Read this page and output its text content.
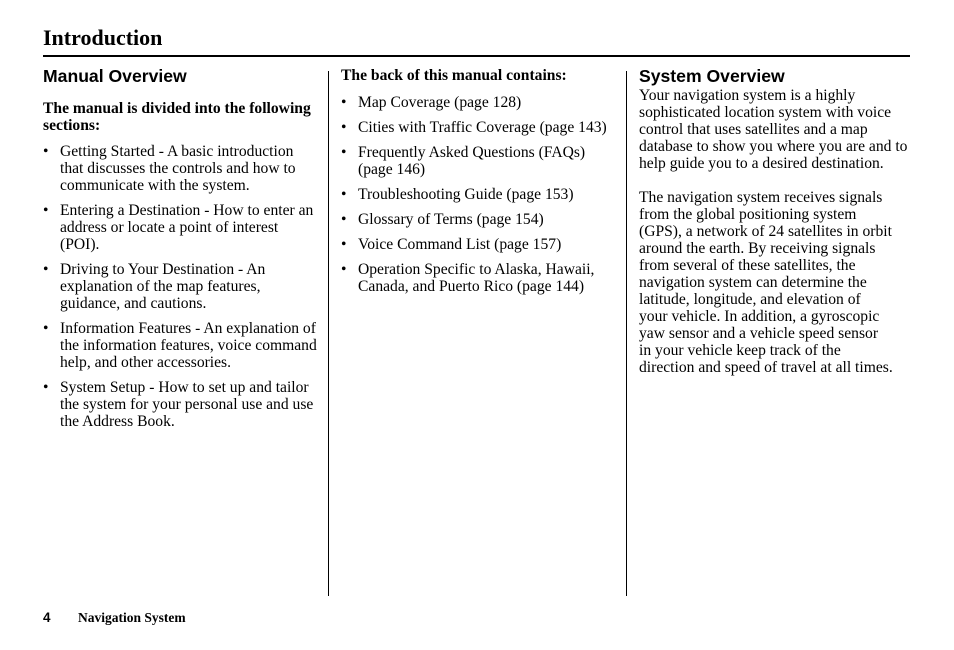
Introduction
Manual Overview
The manual is divided into the following sections:
• Getting Started - A basic introduction that discusses the controls and how to communicate with the system.
• Entering a Destination - How to enter an address or locate a point of interest (POI).
• Driving to Your Destination - An explanation of the map features, guidance, and cautions.
• Information Features - An explanation of the information features, voice command help, and other accessories.
• System Setup - How to set up and tailor the system for your personal use and use the Address Book.
The back of this manual contains:
• Map Coverage (page 128)
• Cities with Traffic Coverage (page 143)
• Frequently Asked Questions (FAQs) (page 146)
• Troubleshooting Guide (page 153)
• Glossary of Terms (page 154)
• Voice Command List (page 157)
• Operation Specific to Alaska, Hawaii, Canada, and Puerto Rico (page 144)
System Overview

Your navigation system is a highly sophisticated location system with voice control that uses satellites and a map database to show you where you are and to help guide you to a desired destination.

The navigation system receives signals
from the global positioning system
(GPS), a network of 24 satellites in orbit
around the earth. By receiving signals
from several of these satellites, the
navigation system can determine the
latitude, longitude, and elevation of
your vehicle. In addition, a gyroscopic
yaw sensor and a vehicle speed sensor
in your vehicle keep track of the
direction and speed of travel at all times.

4 Navigation System
